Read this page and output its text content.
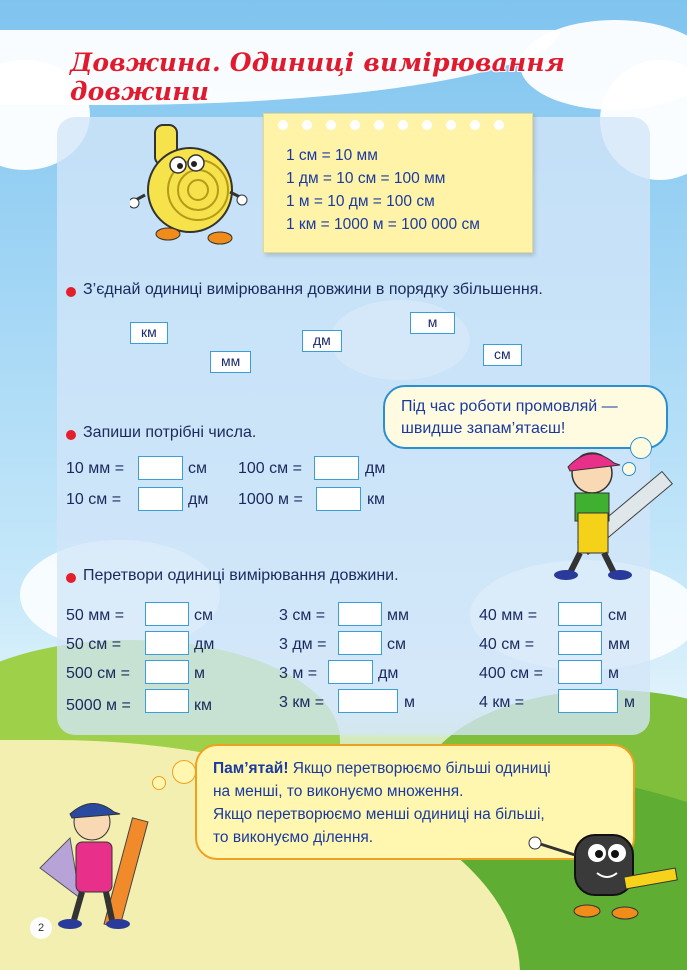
Довжина. Одиниці вимірювання довжини
1 см = 10 мм
1 дм = 10 см = 100 мм
1 м = 10 дм = 100 см
1 км = 1000 м = 100 000 см
З’єднай одиниці вимірювання довжини в порядку збільшення.
км
мм
дм
м
см
Під час роботи промовляй —
швидше запам’ятаєш!
Запиши потрібні числа.
10 мм =	см 100 см =	дм
10 см =	дм 1000 м =	км
Перетвори одиниці вимірювання довжини.
50 мм =	см
50 см =	дм
500 см =	м
5000 м =	км
3 см =	мм
3 дм =	см
3 м =	дм
3 км =	м
40 мм =	см
40 см =	мм
400 см =	м
4 км =	м
Пам’ятай! Якщо перетворюємо більші одиниці
на менші, то виконуємо множення.
Якщо перетворюємо менші одиниці на більші,
то виконуємо ділення.
2
